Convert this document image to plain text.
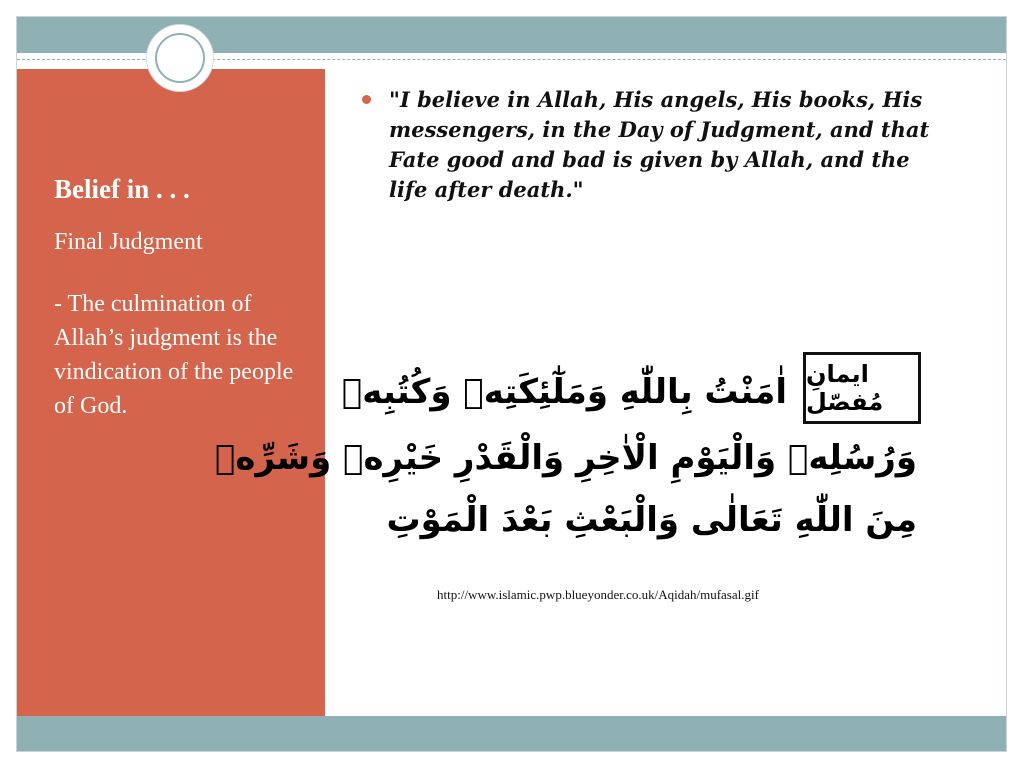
Belief in . . .
Final Judgment
- The culmination of Allah’s judgment is the vindication of the people of God.
"I believe in Allah, His angels, His books, His messengers, in the Day of Judgment, and that Fate good and bad is given by Allah, and the life after death."
ایمانِ مُفصّل
اٰمَنْتُ بِاللّٰهِ وَمَلٰٓئِكَتِهٖ وَكُتُبِهٖ
وَرُسُلِهٖ وَالْيَوْمِ الْاٰخِرِ وَالْقَدْرِ خَيْرِهٖ وَشَرِّهٖ
مِنَ اللّٰهِ تَعَالٰى وَالْبَعْثِ بَعْدَ الْمَوْتِ
http://www.islamic.pwp.blueyonder.co.uk/Aqidah/mufasal.gif
